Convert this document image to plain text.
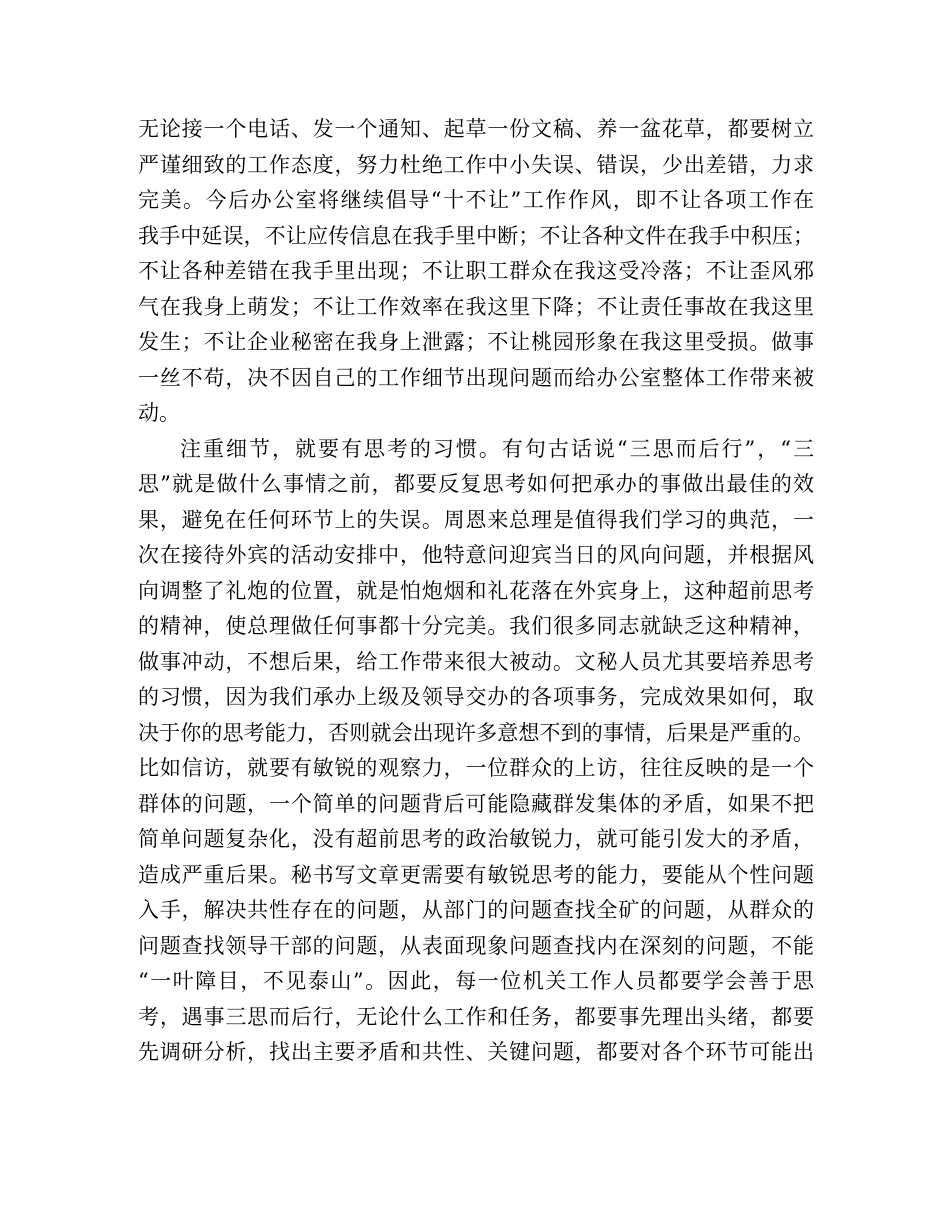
无论接一个电话、发一个通知、起草一份文稿、养一盆花草，都要树立
严谨细致的工作态度，努力杜绝工作中小失误、错误，少出差错，力求
完美。今后办公室将继续倡导“十不让”工作作风，即不让各项工作在
我手中延误，不让应传信息在我手里中断；不让各种文件在我手中积压；
不让各种差错在我手里出现；不让职工群众在我这受冷落；不让歪风邪
气在我身上萌发；不让工作效率在我这里下降；不让责任事故在我这里
发生；不让企业秘密在我身上泄露；不让桃园形象在我这里受损。做事
一丝不苟，决不因自己的工作细节出现问题而给办公室整体工作带来被
动。
注重细节，就要有思考的习惯。有句古话说“三思而后行”，“三
思”就是做什么事情之前，都要反复思考如何把承办的事做出最佳的效
果，避免在任何环节上的失误。周恩来总理是值得我们学习的典范，一
次在接待外宾的活动安排中，他特意问迎宾当日的风向问题，并根据风
向调整了礼炮的位置，就是怕炮烟和礼花落在外宾身上，这种超前思考
的精神，使总理做任何事都十分完美。我们很多同志就缺乏这种精神，
做事冲动，不想后果，给工作带来很大被动。文秘人员尤其要培养思考
的习惯，因为我们承办上级及领导交办的各项事务，完成效果如何，取
决于你的思考能力，否则就会出现许多意想不到的事情，后果是严重的。
比如信访，就要有敏锐的观察力，一位群众的上访，往往反映的是一个
群体的问题，一个简单的问题背后可能隐藏群发集体的矛盾，如果不把
简单问题复杂化，没有超前思考的政治敏锐力，就可能引发大的矛盾，
造成严重后果。秘书写文章更需要有敏锐思考的能力，要能从个性问题
入手，解决共性存在的问题，从部门的问题查找全矿的问题，从群众的
问题查找领导干部的问题，从表面现象问题查找内在深刻的问题，不能
“一叶障目，不见泰山”。因此，每一位机关工作人员都要学会善于思
考，遇事三思而后行，无论什么工作和任务，都要事先理出头绪，都要
先调研分析，找出主要矛盾和共性、关键问题，都要对各个环节可能出
